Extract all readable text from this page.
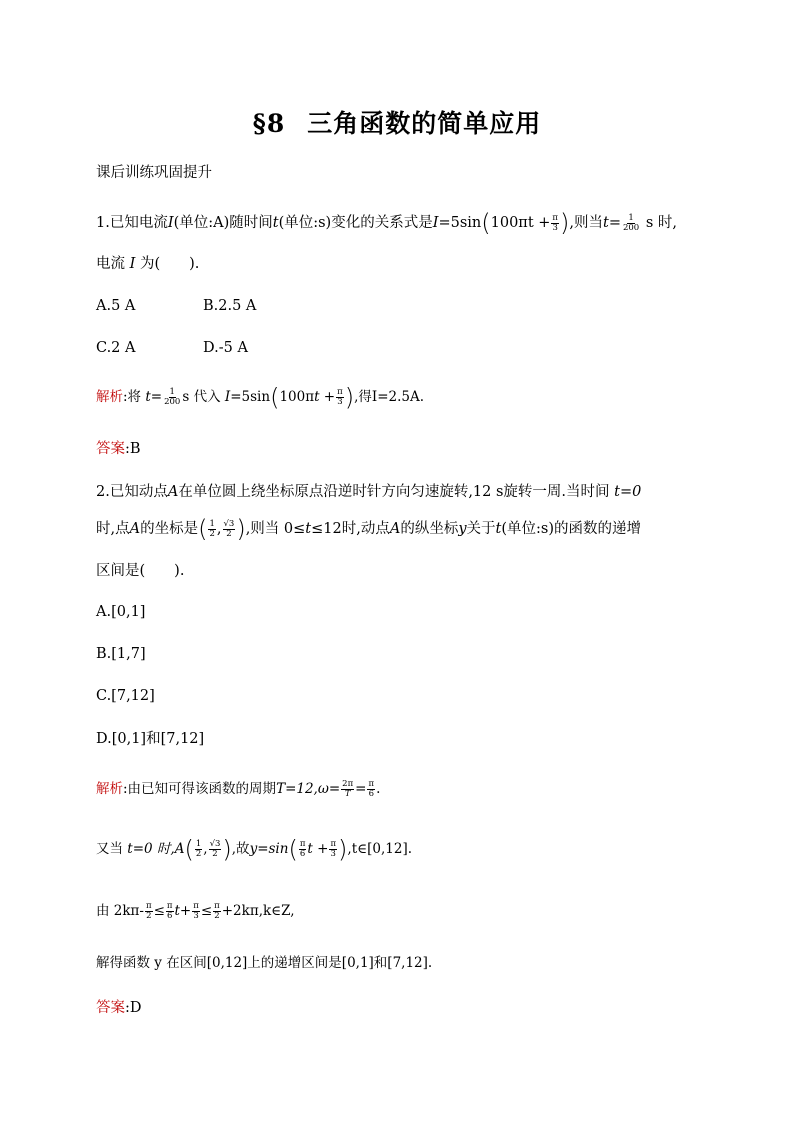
§8 三角函数的简单应用
课后训练巩固提升
1.已知电流I(单位:A)随时间t(单位:s)变化的关系式是$I=5\sin(100\pi t + \frac{\pi}{3}$ ),则当$t= \frac{1}{200}$ s 时,
电流 I 为(　　).
A.5 A	B.2.5 A
C.2 A	D.-5 A
解析:将 $t= \frac{1}{200}$ s 代入 $I=5\sin(100\pi t + \frac{\pi}{3}$ ),得I=2.5A.
答案:B
2.已知动点A在单位圆上绕坐标原点沿逆时针方向匀速旋转,12 s旋转一周.当时间 t=0
时,点A的坐标是( $\frac{1}{2}$ , $\frac{√3}{2}$ ),则当 0≤t≤12时,动点A的纵坐标y关于t(单位:s)的函数的递增
区间是(　　).
A.[0,1]
B.[1,7]
C.[7,12]
D.[0,1]和[7,12]
解析:由已知可得该函数的周期$T=12,\omega= \frac{2\pi}{T} = \frac{\pi}{6}$ .
又当 t=0 时$,A( \frac{1}{2}$ , $\frac{√3}{2}$ ),故$y=\sin( \frac{\pi}{6}$ $t + \frac{\pi}{3}$ ),t∈[0,12].
由 $2k\pi- \frac{\pi}{2} \le \frac{\pi}{6} t+ \frac{\pi}{3} \le \frac{\pi}{2}$ +2kπ,k∈Z,
解得函数 y 在区间[0,12]上的递增区间是[0,1]和[7,12].
答案:D
